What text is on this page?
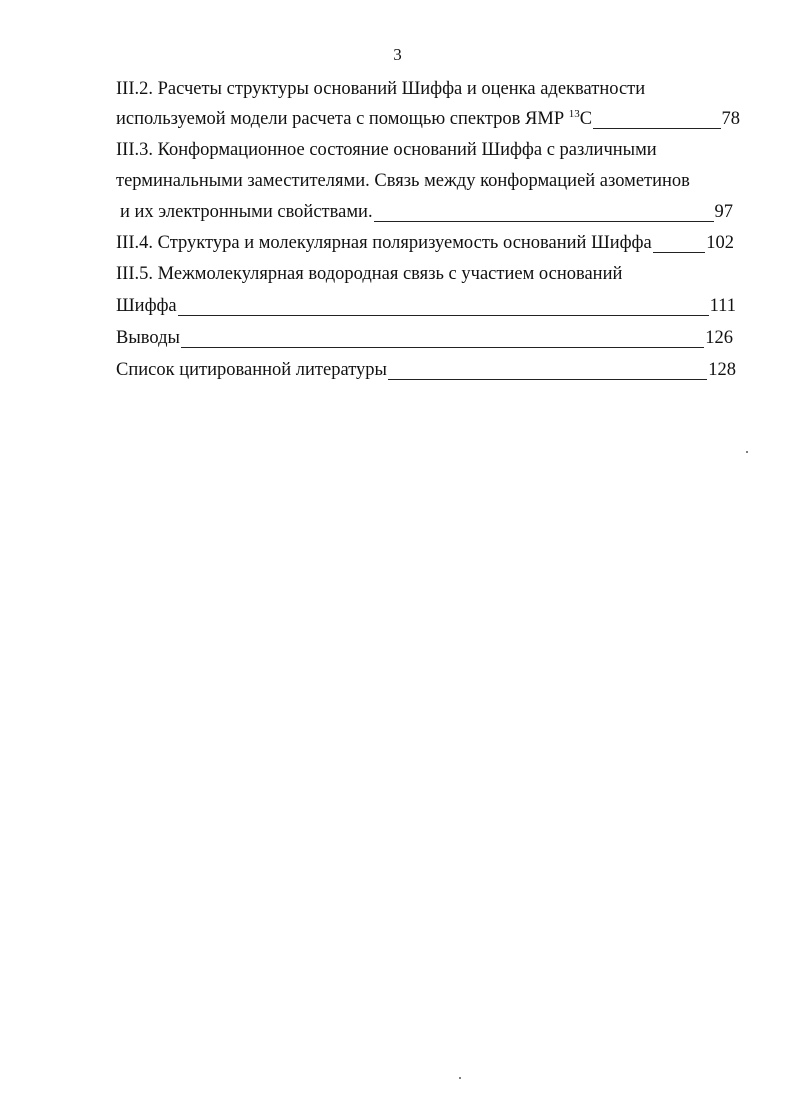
3
III.2. Расчеты структуры оснований Шиффа и оценка адекватности
используемой модели расчета с помощью спектров ЯМР $^{13}$C	78
III.3. Конформационное состояние оснований Шиффа с различными
терминальными заместителями. Связь между конформацией азометинов
и их электронными свойствами.	97
III.4. Структура и молекулярная поляризуемость оснований Шиффа	102
III.5. Межмолекулярная водородная связь с участием оснований
Шиффа	111
Выводы	126
Список цитированной литературы	128
